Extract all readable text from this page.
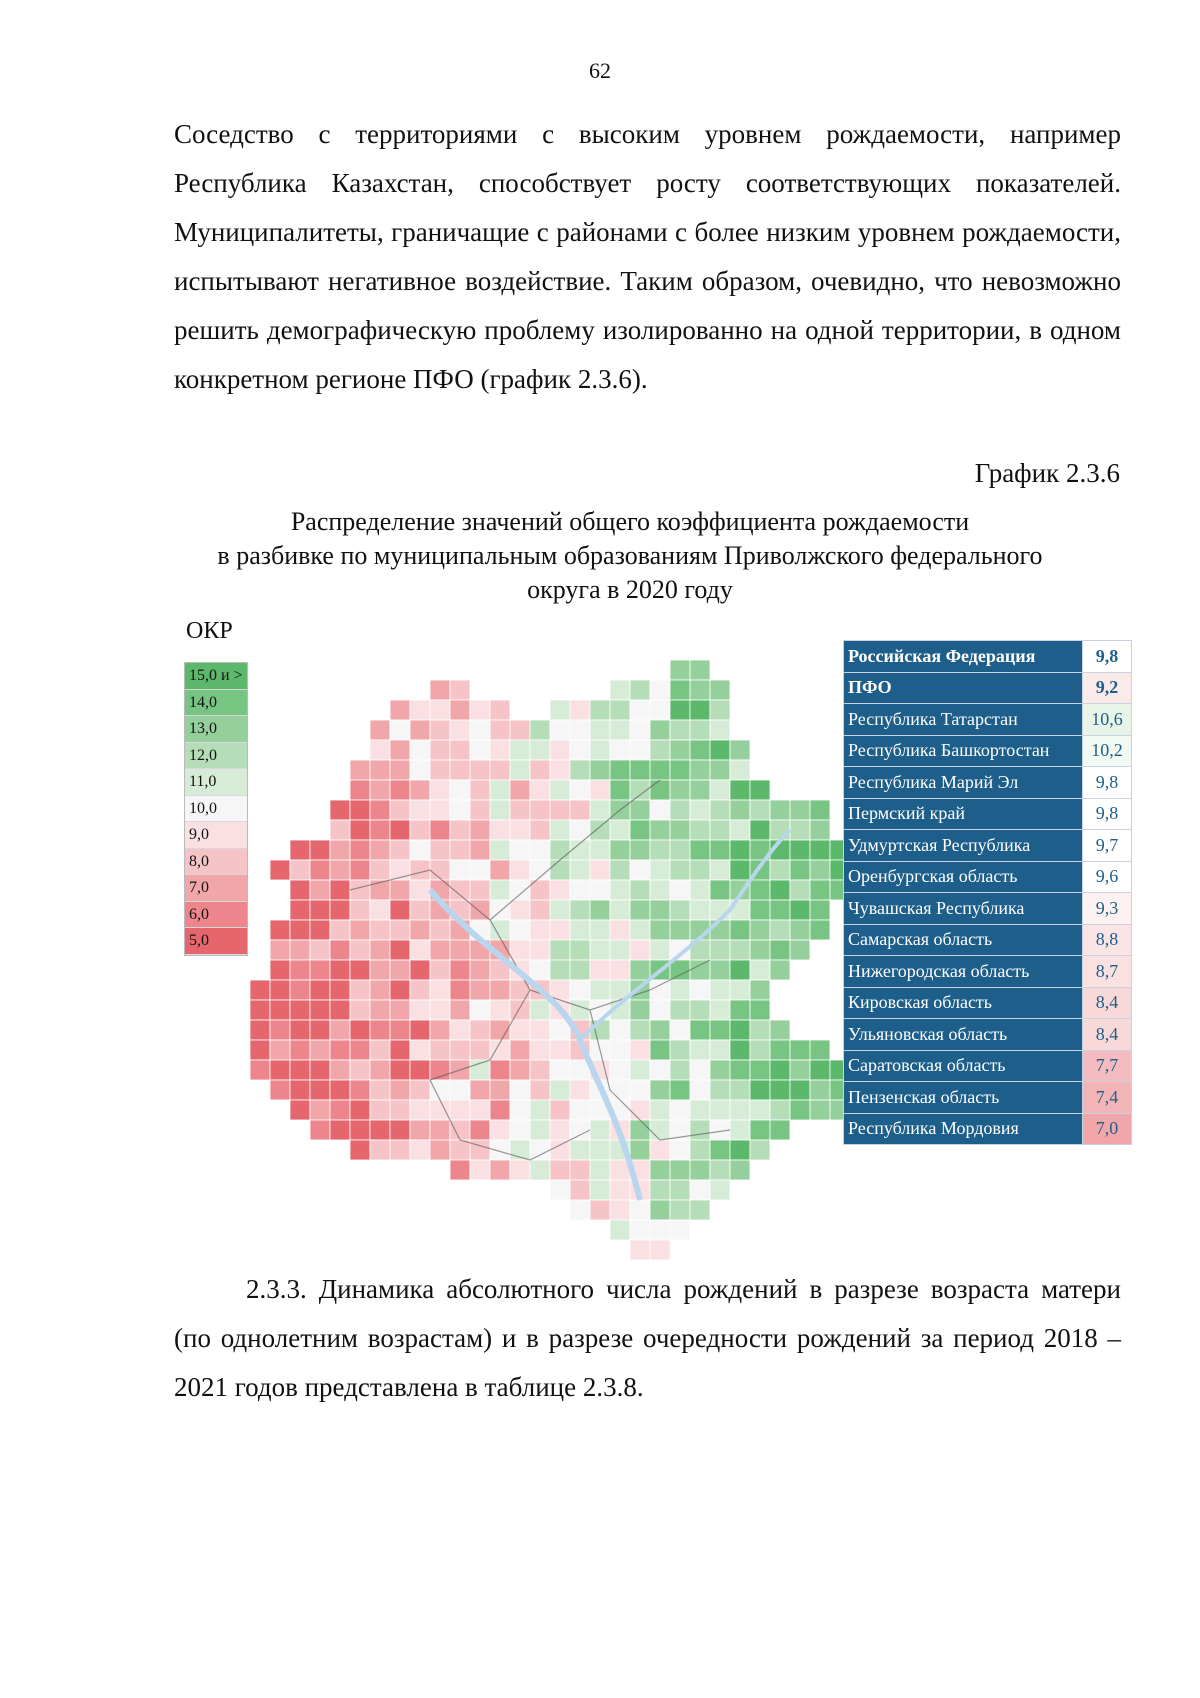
62

Соседство с территориями с высоким уровнем рождаемости, например Республика Казахстан, способствует росту соответствующих показателей. Муниципалитеты, граничащие с районами с более низким уровнем рождаемости, испытывают негативное воздействие. Таким образом, очевидно, что невозможно решить демографическую проблему изолированно на одной территории, в одном конкретном регионе ПФО (график 2.3.6).

График 2.3.6
Распределение значений общего коэффициента рождаемости
в разбивке по муниципальным образованиям Приволжского федерального
округа в 2020 году
ОКР
15,0 и >
14,0
13,0
12,0
11,0
10,0
9,0
8,0
7,0
6,0
5,0
Российская Федерация	9,8
ПФО	9,2
Республика Татарстан	10,6
Республика Башкортостан	10,2
Республика Марий Эл	9,8
Пермский край	9,8
Удмуртская Республика	9,7
Оренбургская область	9,6
Чувашская Республика	9,3
Самарская область	8,8
Нижегородская область	8,7
Кировская область	8,4
Ульяновская область	8,4
Саратовская область	7,7
Пензенская область	7,4
Республика Мордовия	7,0

2.3.3. Динамика абсолютного числа рождений в разрезе возраста матери (по однолетним возрастам) и в разрезе очередности рождений за период 2018 – 2021 годов представлена в таблице 2.3.8.
